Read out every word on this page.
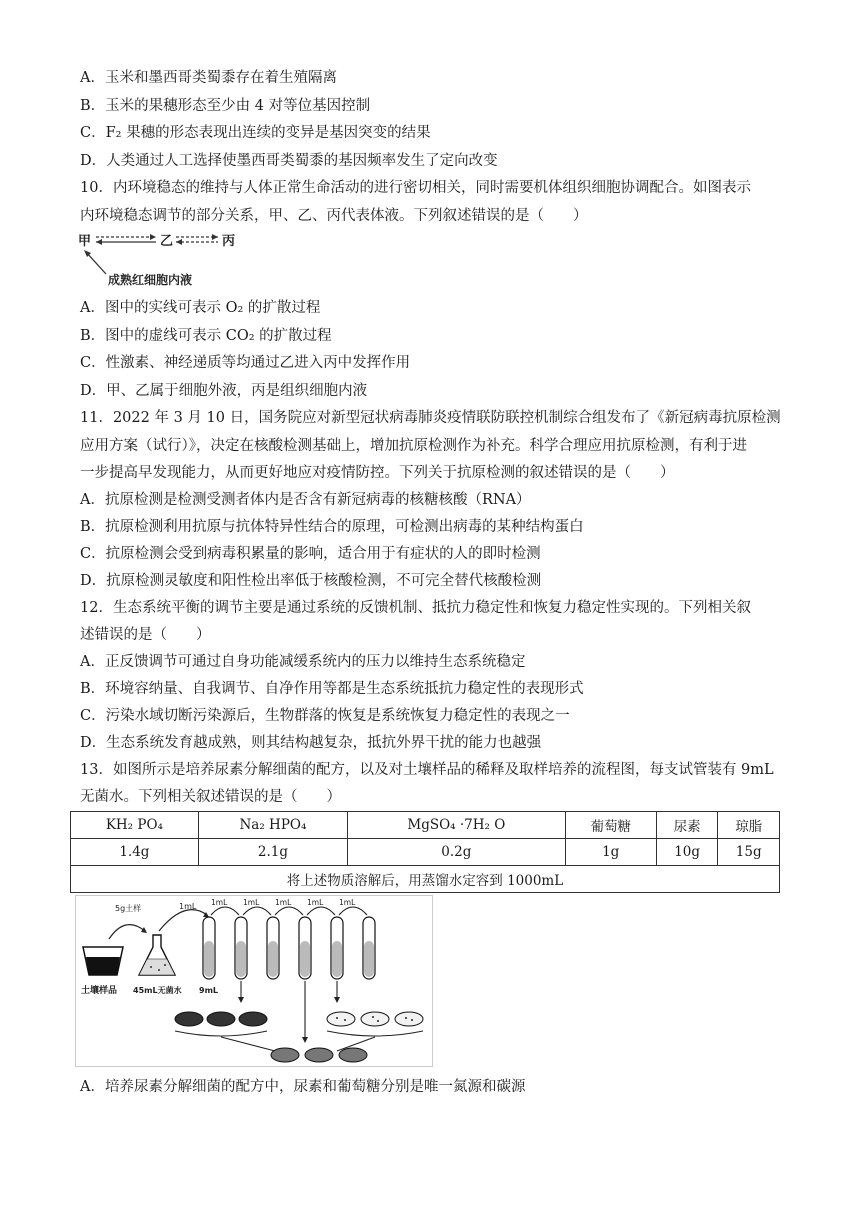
A．玉米和墨西哥类蜀黍存在着生殖隔离
B．玉米的果穗形态至少由 4 对等位基因控制
C．F₂ 果穗的形态表现出连续的变异是基因突变的结果
D．人类通过人工选择使墨西哥类蜀黍的基因频率发生了定向改变
10．内环境稳态的维持与人体正常生命活动的进行密切相关，同时需要机体组织细胞协调配合。如图表示
内环境稳态调节的部分关系，甲、乙、丙代表体液。下列叙述错误的是（　　）
甲	乙	丙
成熟红细胞内液
A．图中的实线可表示 O₂ 的扩散过程
B．图中的虚线可表示 CO₂ 的扩散过程
C．性激素、神经递质等均通过乙进入丙中发挥作用
D．甲、乙属于细胞外液，丙是组织细胞内液
11．2022 年 3 月 10 日，国务院应对新型冠状病毒肺炎疫情联防联控机制综合组发布了《新冠病毒抗原检测
应用方案（试行）》，决定在核酸检测基础上，增加抗原检测作为补充。科学合理应用抗原检测，有利于进
一步提高早发现能力，从而更好地应对疫情防控。下列关于抗原检测的叙述错误的是（　　）
A．抗原检测是检测受测者体内是否含有新冠病毒的核糖核酸（RNA）
B．抗原检测利用抗原与抗体特异性结合的原理，可检测出病毒的某种结构蛋白
C．抗原检测会受到病毒积累量的影响，适合用于有症状的人的即时检测
D．抗原检测灵敏度和阳性检出率低于核酸检测，不可完全替代核酸检测
12．生态系统平衡的调节主要是通过系统的反馈机制、抵抗力稳定性和恢复力稳定性实现的。下列相关叙
述错误的是（　　）
A．正反馈调节可通过自身功能减缓系统内的压力以维持生态系统稳定
B．环境容纳量、自我调节、自净作用等都是生态系统抵抗力稳定性的表现形式
C．污染水域切断污染源后，生物群落的恢复是系统恢复力稳定性的表现之一
D．生态系统发育越成熟，则其结构越复杂，抵抗外界干扰的能力也越强
13．如图所示是培养尿素分解细菌的配方，以及对土壤样品的稀释及取样培养的流程图，每支试管装有 9mL
无菌水。下列相关叙述错误的是（　　）
KH₂ PO₄	Na₂ HPO₄	MgSO₄ ·7H₂ O	葡萄糖	尿素	琼脂
1.4g	2.1g	0.2g	1g	10g	15g
将上述物质溶解后，用蒸馏水定容到 1000mL					
土壤样品
5g土样
45mL无菌水
1mL
9mL
1mL 1mL 1mL 1mL 1mL
A．培养尿素分解细菌的配方中，尿素和葡萄糖分别是唯一氮源和碳源
